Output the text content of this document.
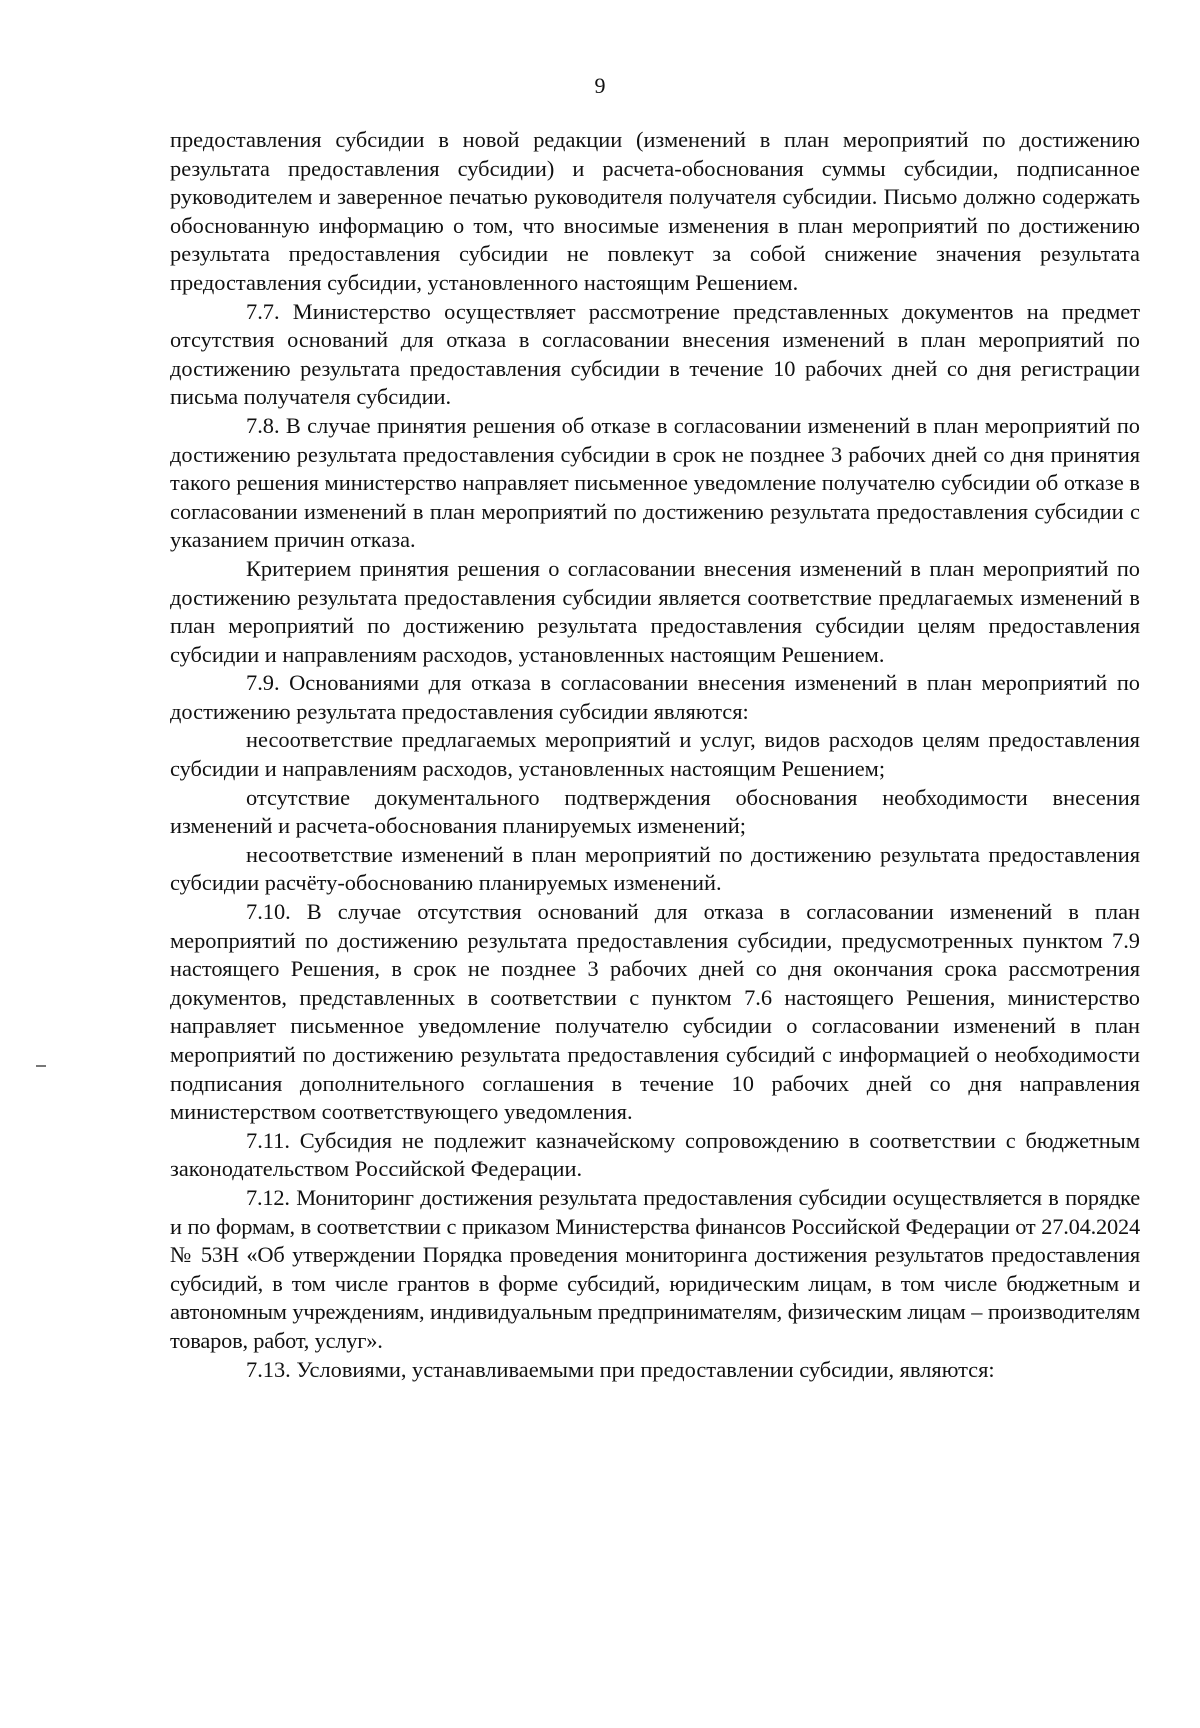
9

предоставления субсидии в новой редакции (изменений в план мероприятий по достижению результата предоставления субсидии) и расчета-обоснования суммы субсидии, подписанное руководителем и заверенное печатью руководителя получателя субсидии. Письмо должно содержать обоснованную информацию о том, что вносимые изменения в план мероприятий по достижению результата предоставления субсидии не повлекут за собой снижение значения результата предоставления субсидии, установленного настоящим Решением.

7.7. Министерство осуществляет рассмотрение представленных документов на предмет отсутствия оснований для отказа в согласовании внесения изменений в план мероприятий по достижению результата предоставления субсидии в течение 10 рабочих дней со дня регистрации письма получателя субсидии.

7.8. В случае принятия решения об отказе в согласовании изменений в план мероприятий по достижению результата предоставления субсидии в срок не позднее 3 рабочих дней со дня принятия такого решения министерство направляет письменное уведомление получателю субсидии об отказе в согласовании изменений в план мероприятий по достижению результата предоставления субсидии с указанием причин отказа.

Критерием принятия решения о согласовании внесения изменений в план мероприятий по достижению результата предоставления субсидии является соответствие предлагаемых изменений в план мероприятий по достижению результата предоставления субсидии целям предоставления субсидии и направлениям расходов, установленных настоящим Решением.

7.9. Основаниями для отказа в согласовании внесения изменений в план мероприятий по достижению результата предоставления субсидии являются:

несоответствие предлагаемых мероприятий и услуг, видов расходов целям предоставления субсидии и направлениям расходов, установленных настоящим Решением;

отсутствие документального подтверждения обоснования необходимости внесения изменений и расчета-обоснования планируемых изменений;

несоответствие изменений в план мероприятий по достижению результата предоставления субсидии расчёту-обоснованию планируемых изменений.

7.10. В случае отсутствия оснований для отказа в согласовании изменений в план мероприятий по достижению результата предоставления субсидии, предусмотренных пунктом 7.9 настоящего Решения, в срок не позднее 3 рабочих дней со дня окончания срока рассмотрения документов, представленных в соответствии с пунктом 7.6 настоящего Решения, министерство направляет письменное уведомление получателю субсидии о согласовании изменений в план мероприятий по достижению результата предоставления субсидий с информацией о необходимости подписания дополнительного соглашения в течение 10 рабочих дней со дня направления министерством соответствующего уведомления.

7.11. Субсидия не подлежит казначейскому сопровождению в соответствии с бюджетным законодательством Российской Федерации.

7.12. Мониторинг достижения результата предоставления субсидии осуществляется в порядке и по формам, в соответствии с приказом Министерства финансов Российской Федерации от 27.04.2024 № 53Н «Об утверждении Порядка проведения мониторинга достижения результатов предоставления субсидий, в том числе грантов в форме субсидий, юридическим лицам, в том числе бюджетным и автономным учреждениям, индивидуальным предпринимателям, физическим лицам – производителям товаров, работ, услуг».

7.13. Условиями, устанавливаемыми при предоставлении субсидии, являются:
